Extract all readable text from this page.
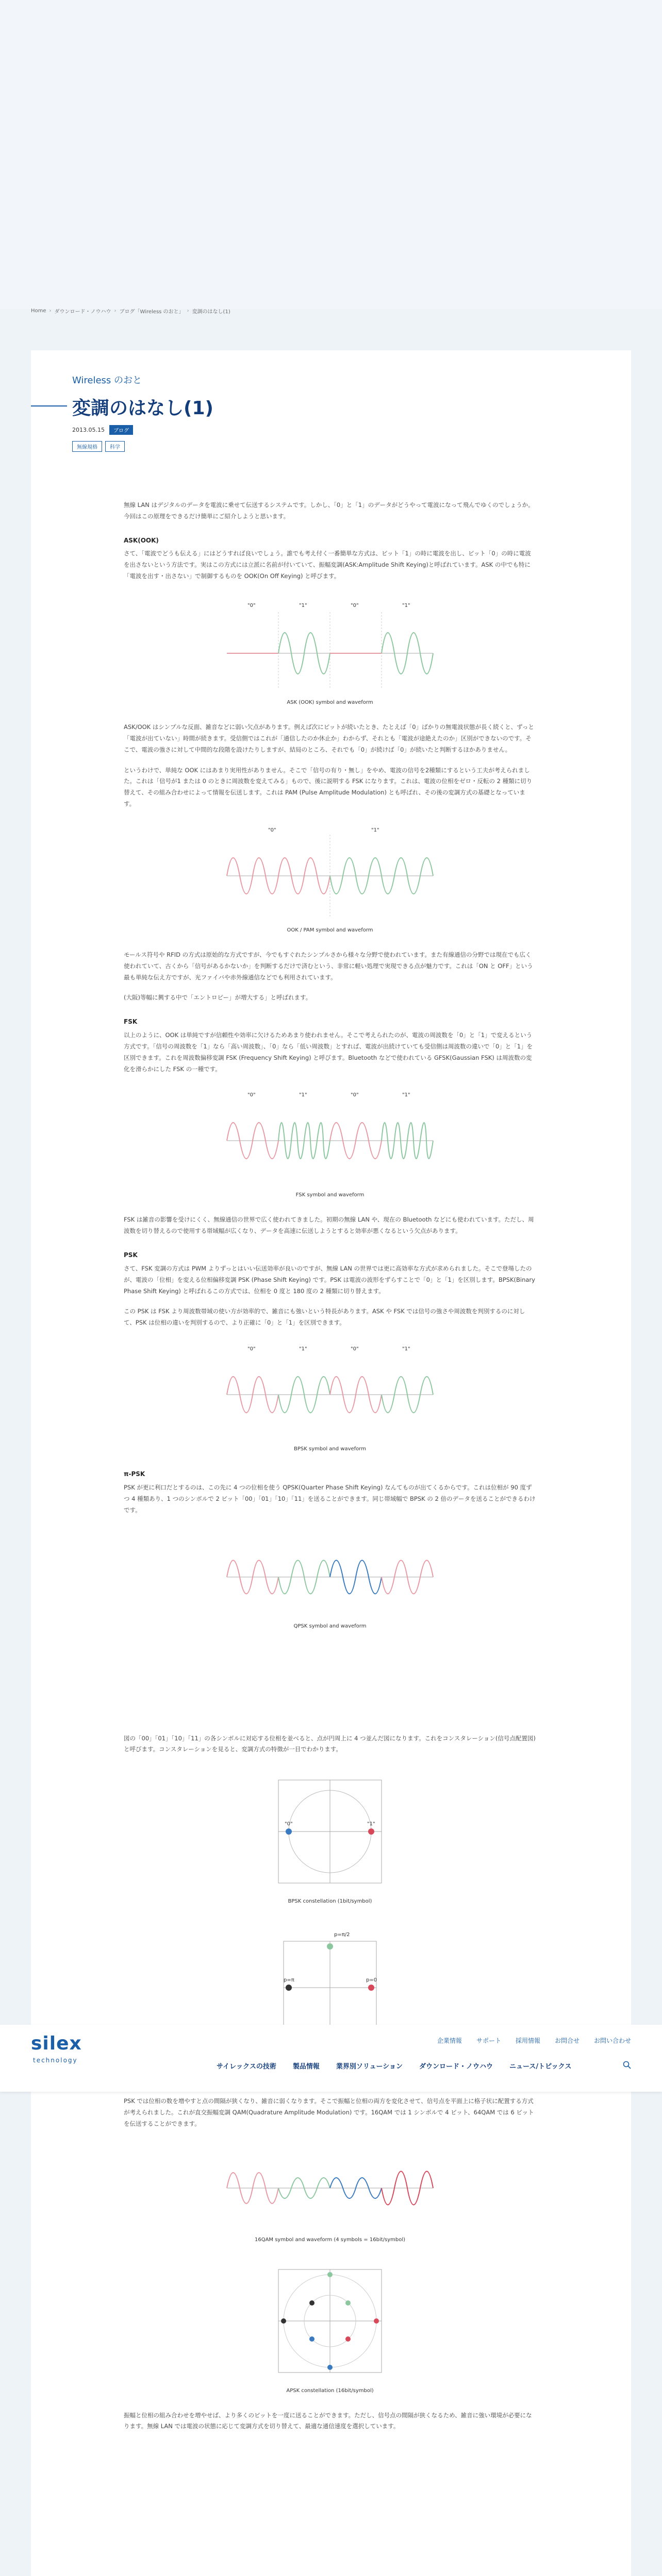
Home › ダウンロード・ノウハウ › ブログ「Wireless のおと」 › 変調のはなし(1)
Wireless のおと
変調のはなし(1)
2013.05.15	ブログ
無線規格	科学

無線 LAN はデジタルのデータを電波に乗せて伝送するシステムです。しかし、「0」と「1」のデータがどうやって電波になって飛んでゆくのでしょうか。今回はこの原理をできるだけ簡単にご紹介しようと思います。

ASK(OOK)

さて、「電波でどうも伝える」にはどうすれば良いでしょう。誰でも考え付く一番簡単な方式は、ビット「1」の時に電波を出し、ビット「0」の時に電波を出さないという方法です。実はこの方式には立派に名前が付いていて、振幅変調(ASK:Amplitude Shift Keying)と呼ばれています。ASK の中でも特に「電波を出す・出さない」で制御するものを OOK(On Off Keying) と呼びます。

"0"	"1"	"0"	"1"
ASK (OOK) symbol and waveform

ASK/OOK はシンプルな反面、雑音などに弱い欠点があります。例えば次にビットが続いたとき、たとえば「0」ばかりの無電波状態が長く続くと、ずっと「電波が出ていない」時間が続きます。受信側ではこれが「通信したのか休止か」わからず、それとも「電波が途絶えたのか」区別ができないのです。そこで、電波の強さに対して中間的な段階を設けたりしますが、結局のところ、それでも「0」が続けば「0」が続いたと判断するほかありません。

というわけで、単純な OOK にはあまり実用性がありません。そこで「信号の有り・無し」をやめ、電波の信号を2種類にするという工夫が考えられました。これは「信号が1 または 0 のときに周波数を変えてみる」もので、後に説明する FSK になります。これは、電波の位相をゼロ・反転の 2 種類に切り替えて、その組み合わせによって情報を伝送します。これは PAM (Pulse Amplitude Modulation) とも呼ばれ、その後の変調方式の基礎となっています。

"0"	"1"
OOK / PAM symbol and waveform

モールス符号や RFID の方式は原始的な方式ですが、今でもすぐれたシンプルさから様々な分野で使われています。また有線通信の分野では現在でも広く使われていて、古くから「信号があるかないか」を判断するだけで済むという、非常に軽い処理で実現できる点が魅力です。これは「ON と OFF」という最も単純な伝え方ですが、光ファイバや赤外線通信などでも利用されています。

(大阪)等幅に興する中で「エントロピー」が増大する」と呼ばれます。

FSK

以上のように、OOK は単純ですが信頼性や効率に欠けるためあまり使われません。そこで考えられたのが、電波の周波数を「0」と「1」で変えるという方式です。「信号の周波数を「1」なら「高い周波数」、「0」なら「低い周波数」とすれば、電波が出続けていても受信側は周波数の違いで「0」と「1」を区別できます。これを周波数偏移変調 FSK (Frequency Shift Keying) と呼びます。Bluetooth などで使われている GFSK(Gaussian FSK) は周波数の変化を滑らかにした FSK の一種です。

"0"	"1"	"0"	"1"
FSK symbol and waveform

FSK は雑音の影響を受けにくく、無線通信の世界で広く使われてきました。初期の無線 LAN や、現在の Bluetooth などにも使われています。ただし、周波数を切り替えるので使用する帯域幅が広くなり、データを高速に伝送しようとすると効率が悪くなるという欠点があります。

PSK

さて、FSK 変調の方式は PWM よりずっとはいい伝送効率が良いのですが、無線 LAN の世界では更に高効率な方式が求められました。そこで登場したのが、電波の「位相」を変える位相偏移変調 PSK (Phase Shift Keying) です。PSK は電波の波形をずらすことで「0」と「1」を区別します。BPSK(Binary Phase Shift Keying) と呼ばれるこの方式では、位相を 0 度と 180 度の 2 種類に切り替えます。

この PSK は FSK より周波数帯域の使い方が効率的で、雑音にも強いという特長があります。ASK や FSK では信号の強さや周波数を判別するのに対して、PSK は位相の違いを判別するので、より正確に「0」と「1」を区別できます。

"0"	"1"	"0"	"1"
BPSK symbol and waveform
π-PSK

PSK が更に利口だとするのは、この先に 4 つの位相を使う QPSK(Quarter Phase Shift Keying) なんてものが出てくるからです。これは位相が 90 度ずつ 4 種類あり、1 つのシンボルで 2 ビット「00」「01」「10」「11」を送ることができます。同じ帯域幅で BPSK の 2 倍のデータを送ることができるわけです。

QPSK symbol and waveform

図の「00」「01」「10」「11」の各シンボルに対応する位相を並べると、点が円周上に 4 つ並んだ図になります。これをコンスタレーション(信号点配置図)と呼びます。コンスタレーションを見ると、変調方式の特徴が一目でわかります。

"0"	"1"
BPSK constellation (1bit/symbol)
p=π/2
p=0
p=π

PSK では位相の数を増やすと点の間隔が狭くなり、雑音に弱くなります。そこで振幅と位相の両方を変化させて、信号点を平面上に格子状に配置する方式が考えられました。これが直交振幅変調 QAM(Quadrature Amplitude Modulation) です。16QAM では 1 シンボルで 4 ビット、64QAM では 6 ビットを伝送することができます。

16QAM symbol and waveform (4 symbols = 16bit/symbol)
APSK constellation (16bit/symbol)

振幅と位相の組み合わせを増やせば、より多くのビットを一度に送ることができます。ただし、信号点の間隔が狭くなるため、雑音に強い環境が必要になります。無線 LAN では電波の状態に応じて変調方式を切り替えて、最適な通信速度を選択しています。

silex
technology
企業情報 サポート 採用情報 お問合せ お問い合わせ
サイレックスの技術 製品情報 業界別ソリューション ダウンロード・ノウハウ ニュース/トピックス
